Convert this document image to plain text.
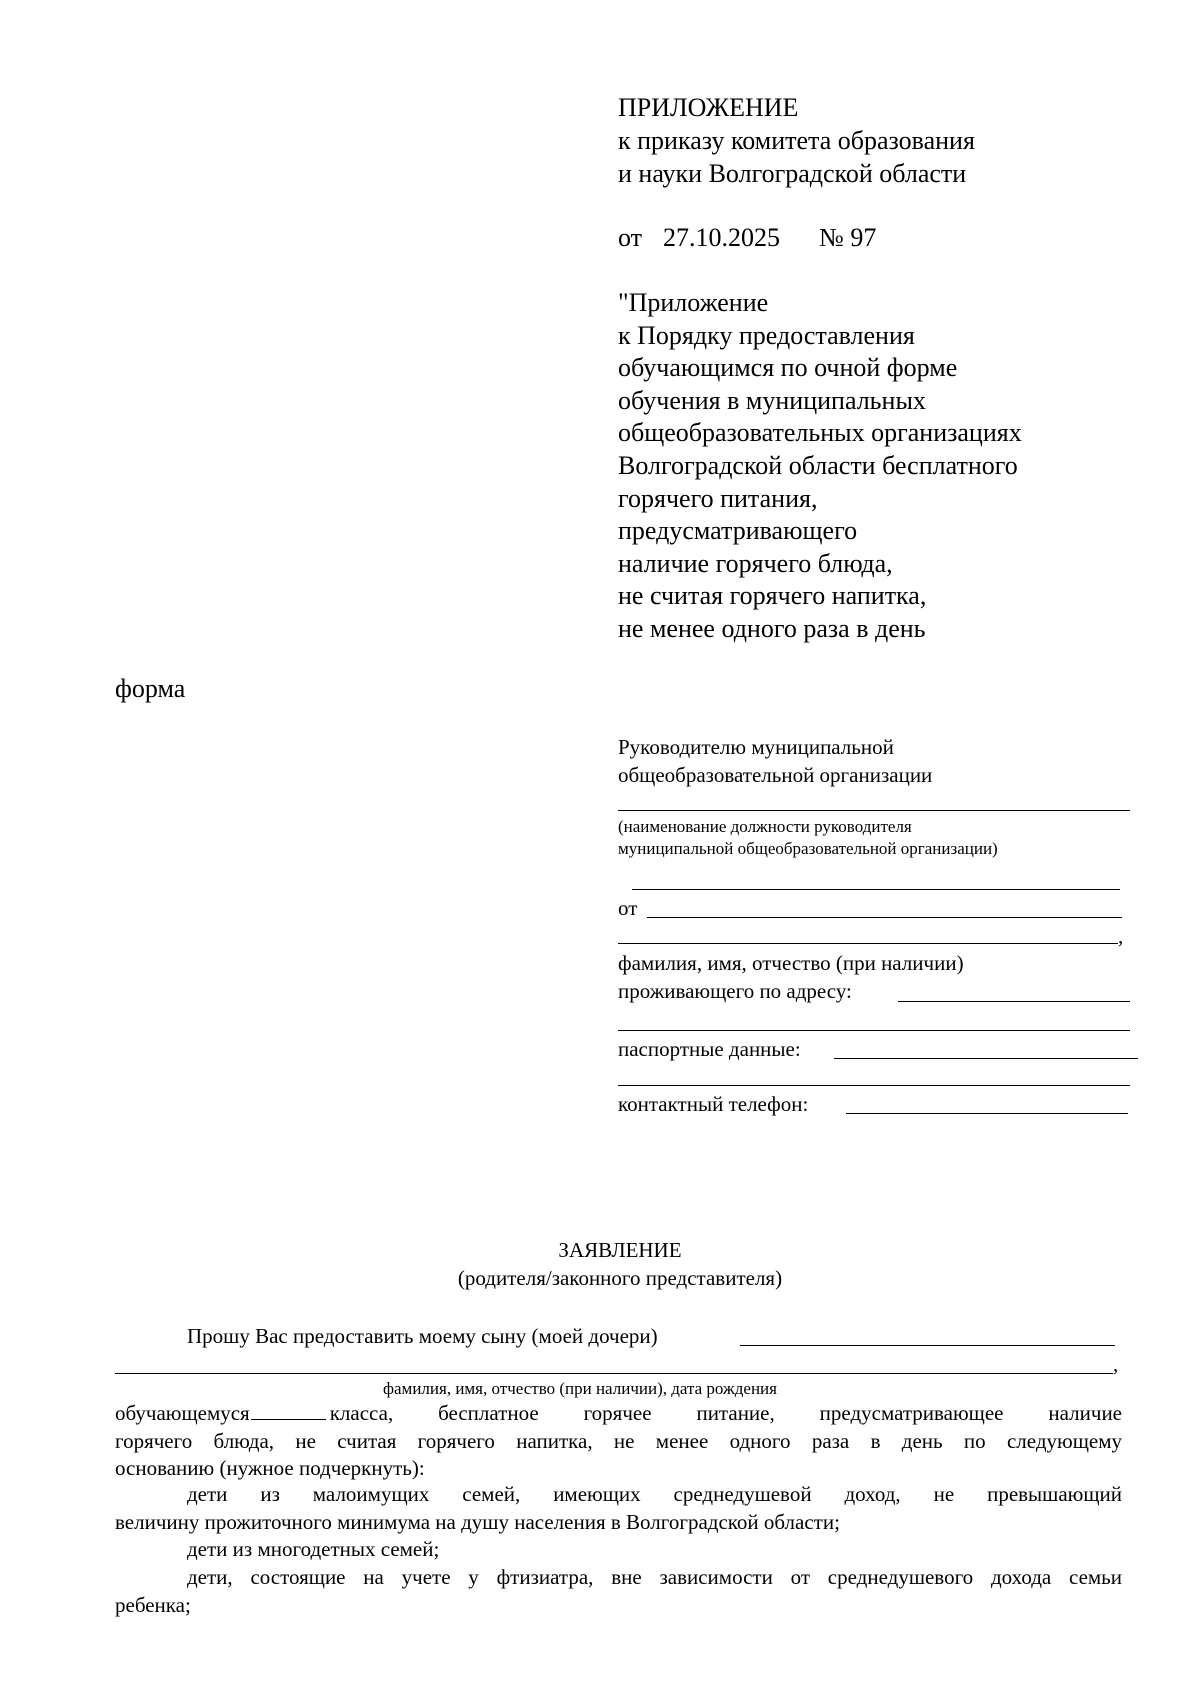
ПРИЛОЖЕНИЕ
к приказу комитета образования
и науки Волгоградской области
от 27.10.2025 № 97
"Приложение
к Порядку предоставления
обучающимся по очной форме
обучения в муниципальных
общеобразовательных организациях
Волгоградской области бесплатного
горячего питания,
предусматривающего
наличие горячего блюда,
не считая горячего напитка,
не менее одного раза в день
форма
Руководителю муниципальной
общеобразовательной организации
(наименование должности руководителя
муниципальной общеобразовательной организации)
от
,
фамилия, имя, отчество (при наличии)
проживающего по адресу:
паспортные данные:
контактный телефон:
ЗАЯВЛЕНИЕ
(родителя/законного представителя)
Прошу Вас предоставить моему сыну (моей дочери)
,
фамилия, имя, отчество (при наличии), дата рождения
обучающемуся	класса, бесплатное горячее питание, предусматривающее наличие
горячего блюда, не считая горячего напитка, не менее одного раза в день по следующему
основанию (нужное подчеркнуть):
дети из малоимущих семей, имеющих среднедушевой доход, не превышающий
величину прожиточного минимума на душу населения в Волгоградской области;
дети из многодетных семей;
дети, состоящие на учете у фтизиатра, вне зависимости от среднедушевого дохода семьи
ребенка;
